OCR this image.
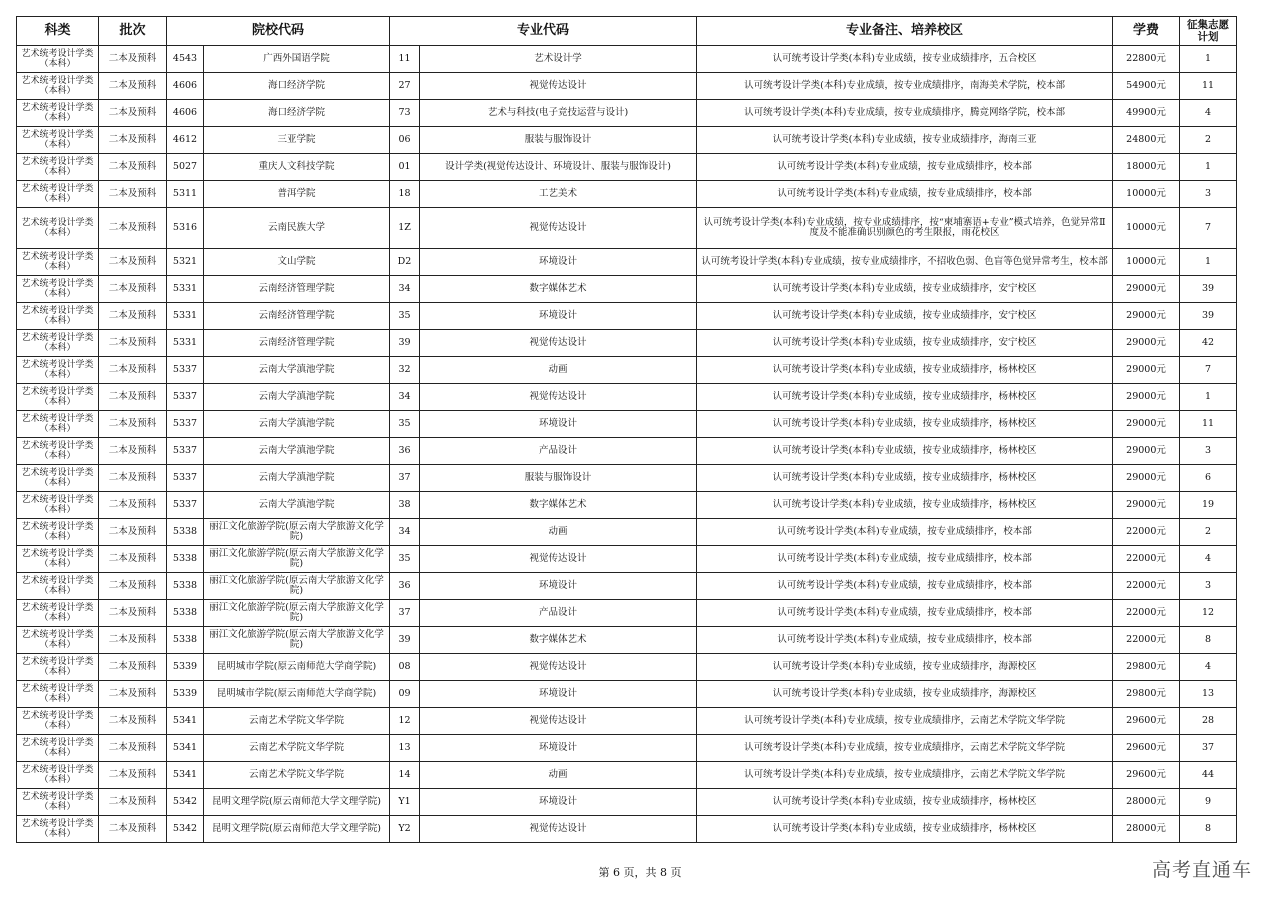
科类	批次	院校代码		专业代码		专业备注、培养校区	学费	征集志愿计划
艺术统考设计学类（本科）	二本及预科	4543	广西外国语学院	11	艺术设计学	认可统考设计学类(本科)专业成绩，按专业成绩排序，五合校区	22800元	1
艺术统考设计学类（本科）	二本及预科	4606	海口经济学院	27	视觉传达设计	认可统考设计学类(本科)专业成绩，按专业成绩排序，南海美术学院，校本部	54900元	11
艺术统考设计学类（本科）	二本及预科	4606	海口经济学院	73	艺术与科技(电子竞技运营与设计)	认可统考设计学类(本科)专业成绩，按专业成绩排序，腾竞网络学院，校本部	49900元	4
艺术统考设计学类（本科）	二本及预科	4612	三亚学院	06	服装与服饰设计	认可统考设计学类(本科)专业成绩，按专业成绩排序，海南三亚	24800元	2
艺术统考设计学类（本科）	二本及预科	5027	重庆人文科技学院	01	设计学类(视觉传达设计、环境设计、服装与服饰设计)	认可统考设计学类(本科)专业成绩，按专业成绩排序，校本部	18000元	1
艺术统考设计学类（本科）	二本及预科	5311	普洱学院	18	工艺美术	认可统考设计学类(本科)专业成绩，按专业成绩排序，校本部	10000元	3
艺术统考设计学类（本科）	二本及预科	5316	云南民族大学	1Z	视觉传达设计	认可统考设计学类(本科)专业成绩，按专业成绩排序，按“柬埔寨语+专业”模式培养，色觉异常Ⅱ度及不能准确识别颜色的考生限报，雨花校区	10000元	7
艺术统考设计学类（本科）	二本及预科	5321	文山学院	D2	环境设计	认可统考设计学类(本科)专业成绩，按专业成绩排序，不招收色弱、色盲等色觉异常考生，校本部	10000元	1
艺术统考设计学类（本科）	二本及预科	5331	云南经济管理学院	34	数字媒体艺术	认可统考设计学类(本科)专业成绩，按专业成绩排序，安宁校区	29000元	39
艺术统考设计学类（本科）	二本及预科	5331	云南经济管理学院	35	环境设计	认可统考设计学类(本科)专业成绩，按专业成绩排序，安宁校区	29000元	39
艺术统考设计学类（本科）	二本及预科	5331	云南经济管理学院	39	视觉传达设计	认可统考设计学类(本科)专业成绩，按专业成绩排序，安宁校区	29000元	42
艺术统考设计学类（本科）	二本及预科	5337	云南大学滇池学院	32	动画	认可统考设计学类(本科)专业成绩，按专业成绩排序，杨林校区	29000元	7
艺术统考设计学类（本科）	二本及预科	5337	云南大学滇池学院	34	视觉传达设计	认可统考设计学类(本科)专业成绩，按专业成绩排序，杨林校区	29000元	1
艺术统考设计学类（本科）	二本及预科	5337	云南大学滇池学院	35	环境设计	认可统考设计学类(本科)专业成绩，按专业成绩排序，杨林校区	29000元	11
艺术统考设计学类（本科）	二本及预科	5337	云南大学滇池学院	36	产品设计	认可统考设计学类(本科)专业成绩，按专业成绩排序，杨林校区	29000元	3
艺术统考设计学类（本科）	二本及预科	5337	云南大学滇池学院	37	服装与服饰设计	认可统考设计学类(本科)专业成绩，按专业成绩排序，杨林校区	29000元	6
艺术统考设计学类（本科）	二本及预科	5337	云南大学滇池学院	38	数字媒体艺术	认可统考设计学类(本科)专业成绩，按专业成绩排序，杨林校区	29000元	19
艺术统考设计学类（本科）	二本及预科	5338	丽江文化旅游学院(原云南大学旅游文化学院)	34	动画	认可统考设计学类(本科)专业成绩，按专业成绩排序，校本部	22000元	2
艺术统考设计学类（本科）	二本及预科	5338	丽江文化旅游学院(原云南大学旅游文化学院)	35	视觉传达设计	认可统考设计学类(本科)专业成绩，按专业成绩排序，校本部	22000元	4
艺术统考设计学类（本科）	二本及预科	5338	丽江文化旅游学院(原云南大学旅游文化学院)	36	环境设计	认可统考设计学类(本科)专业成绩，按专业成绩排序，校本部	22000元	3
艺术统考设计学类（本科）	二本及预科	5338	丽江文化旅游学院(原云南大学旅游文化学院)	37	产品设计	认可统考设计学类(本科)专业成绩，按专业成绩排序，校本部	22000元	12
艺术统考设计学类（本科）	二本及预科	5338	丽江文化旅游学院(原云南大学旅游文化学院)	39	数字媒体艺术	认可统考设计学类(本科)专业成绩，按专业成绩排序，校本部	22000元	8
艺术统考设计学类（本科）	二本及预科	5339	昆明城市学院(原云南师范大学商学院)	08	视觉传达设计	认可统考设计学类(本科)专业成绩，按专业成绩排序，海源校区	29800元	4
艺术统考设计学类（本科）	二本及预科	5339	昆明城市学院(原云南师范大学商学院)	09	环境设计	认可统考设计学类(本科)专业成绩，按专业成绩排序，海源校区	29800元	13
艺术统考设计学类（本科）	二本及预科	5341	云南艺术学院文华学院	12	视觉传达设计	认可统考设计学类(本科)专业成绩，按专业成绩排序，云南艺术学院文华学院	29600元	28
艺术统考设计学类（本科）	二本及预科	5341	云南艺术学院文华学院	13	环境设计	认可统考设计学类(本科)专业成绩，按专业成绩排序，云南艺术学院文华学院	29600元	37
艺术统考设计学类（本科）	二本及预科	5341	云南艺术学院文华学院	14	动画	认可统考设计学类(本科)专业成绩，按专业成绩排序，云南艺术学院文华学院	29600元	44
艺术统考设计学类（本科）	二本及预科	5342	昆明文理学院(原云南师范大学文理学院)	Y1	环境设计	认可统考设计学类(本科)专业成绩，按专业成绩排序，杨林校区	28000元	9
艺术统考设计学类（本科）	二本及预科	5342	昆明文理学院(原云南师范大学文理学院)	Y2	视觉传达设计	认可统考设计学类(本科)专业成绩，按专业成绩排序，杨林校区	28000元	8
第 6 页，共 8 页	高考直通车
